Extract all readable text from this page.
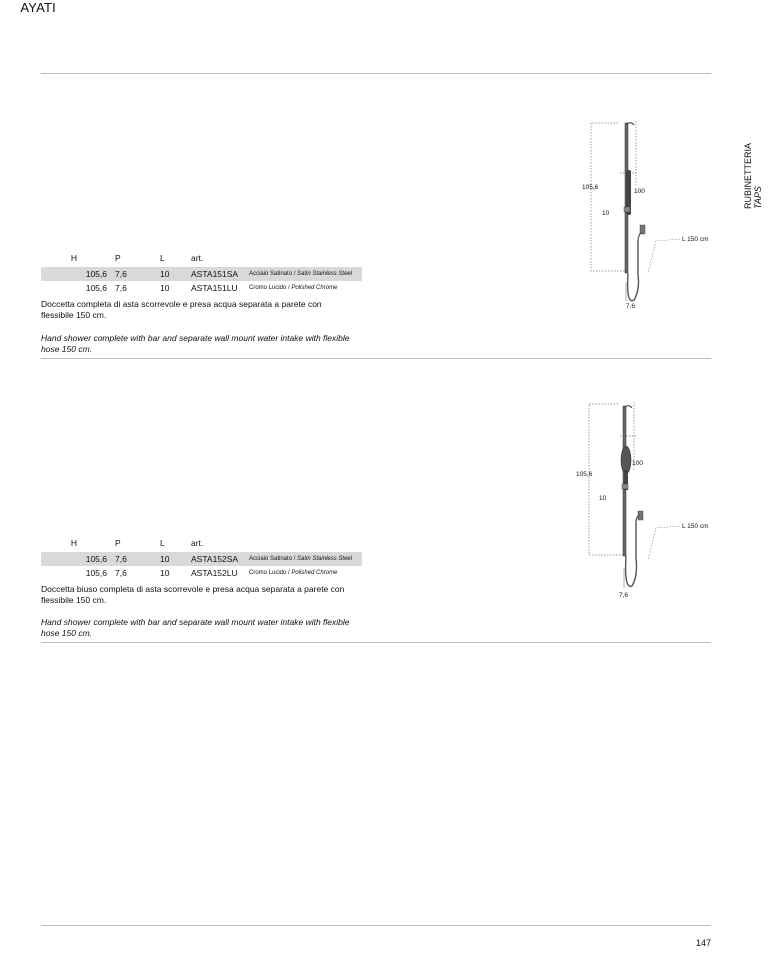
AYATI
RUBINETTERIA TAPS
H	P	L	art.	
105,6	7,6	10	ASTA151SA	Acciaio Satinato / Satin Stainless Steel
105,6	7,6	10	ASTA151LU	Cromo Lucido / Polished Chrome
Doccetta completa di asta scorrevole e presa acqua separata a parete con flessibile 150 cm.
Hand shower complete with bar and separate wall mount water intake with flexible hose 150 cm.
105,6
100
10
7,6
L 150 cm
H	P	L	art.	
105,6	7,6	10	ASTA152SA	Acciaio Satinato / Satin Stainless Steel
105,6	7,6	10	ASTA152LU	Cromo Lucido / Polished Chrome
Doccetta biuso completa di asta scorrevole e presa acqua separata a parete con flessibile 150 cm.
Hand shower complete with bar and separate wall mount water intake with flexible hose 150 cm.
105,6
100
10
7,6
L 150 cm
147
